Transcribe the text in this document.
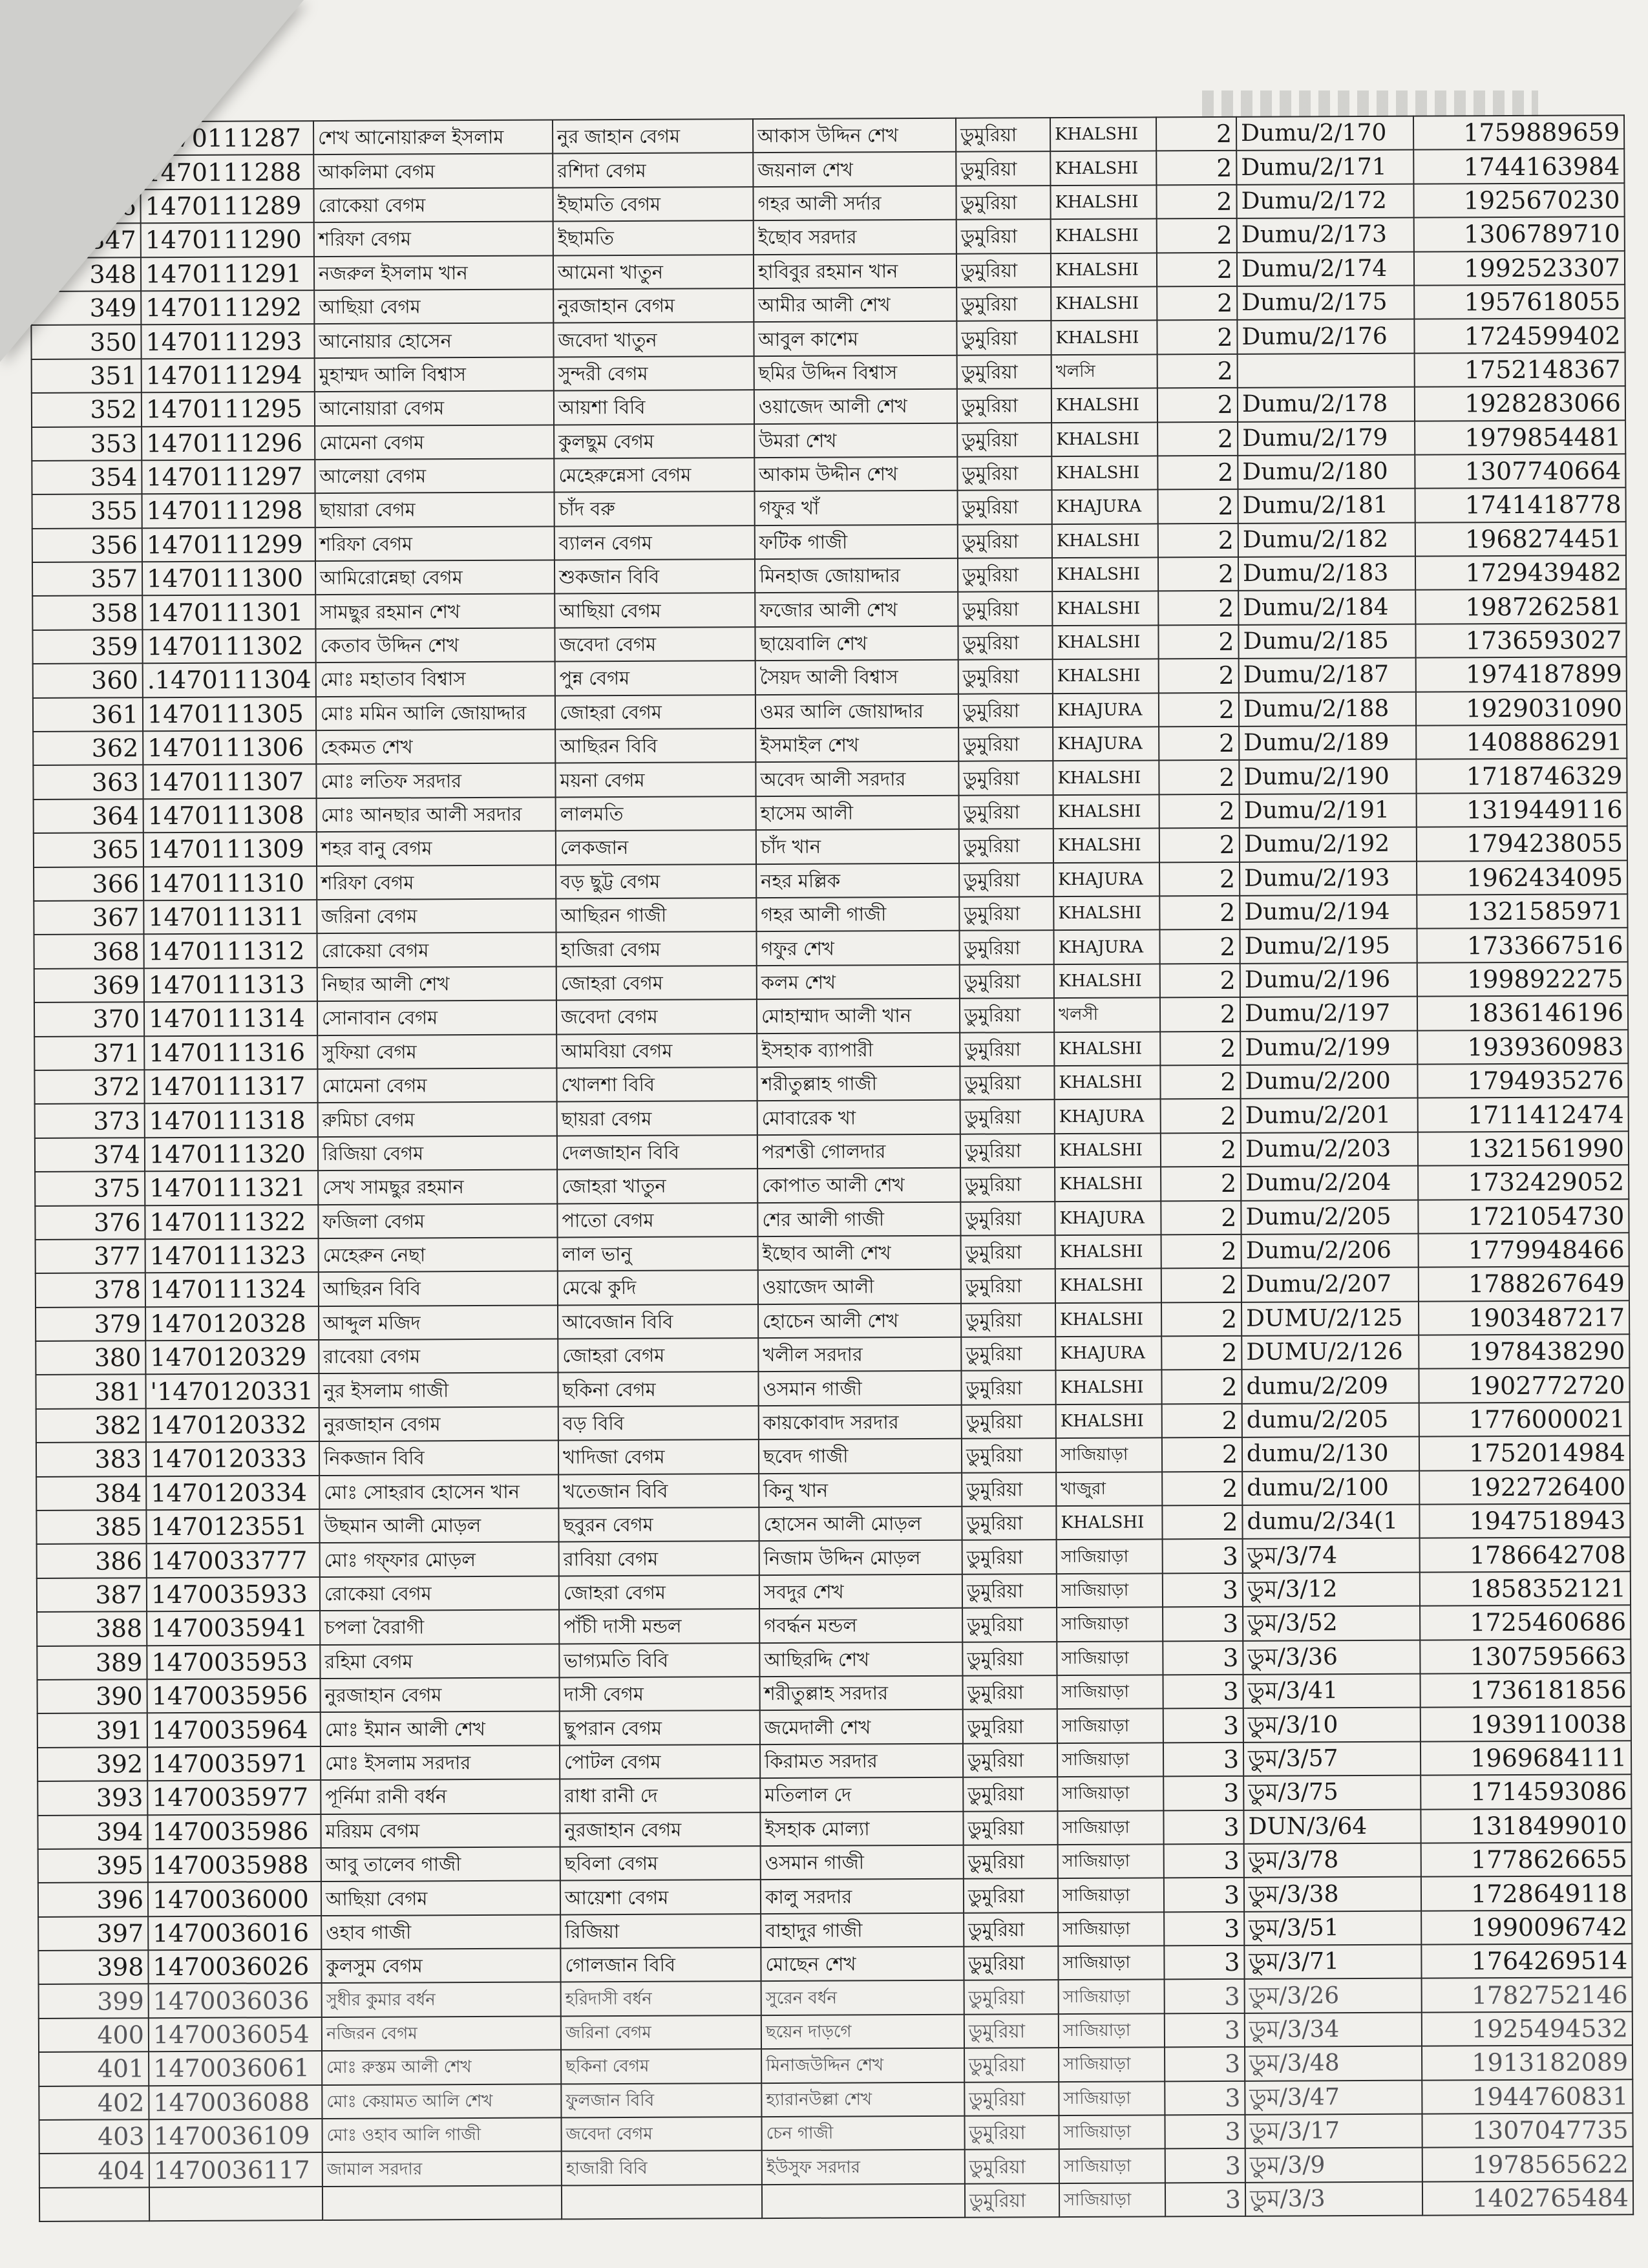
	1470111287	শেখ আনোয়ারুল ইসলাম	নুর জাহান বেগম	আকাস উদ্দিন শেখ	ডুমুরিয়া	KHALSHI	2	Dumu/2/170	1759889659
	1470111288	আকলিমা বেগম	রশিদা বেগম	জয়নাল শেখ	ডুমুরিয়া	KHALSHI	2	Dumu/2/171	1744163984
346	1470111289	রোকেয়া বেগম	ইছামতি বেগম	গহর আলী সর্দার	ডুমুরিয়া	KHALSHI	2	Dumu/2/172	1925670230
347	1470111290	শরিফা বেগম	ইছামতি	ইছোব সরদার	ডুমুরিয়া	KHALSHI	2	Dumu/2/173	1306789710
348	1470111291	নজরুল ইসলাম খান	আমেনা খাতুন	হাবিবুর রহমান খান	ডুমুরিয়া	KHALSHI	2	Dumu/2/174	1992523307
349	1470111292	আছিয়া বেগম	নুরজাহান বেগম	আমীর আলী শেখ	ডুমুরিয়া	KHALSHI	2	Dumu/2/175	1957618055
350	1470111293	আনোয়ার হোসেন	জবেদা খাতুন	আবুল কাশেম	ডুমুরিয়া	KHALSHI	2	Dumu/2/176	1724599402
351	1470111294	মুহাম্মদ আলি বিশ্বাস	সুন্দরী বেগম	ছমির উদ্দিন বিশ্বাস	ডুমুরিয়া	খলসি	2		1752148367
352	1470111295	আনোয়ারা বেগম	আয়শা বিবি	ওয়াজেদ আলী শেখ	ডুমুরিয়া	KHALSHI	2	Dumu/2/178	1928283066
353	1470111296	মোমেনা বেগম	কুলছুম বেগম	উমরা শেখ	ডুমুরিয়া	KHALSHI	2	Dumu/2/179	1979854481
354	1470111297	আলেয়া বেগম	মেহেরুন্নেসা বেগম	আকাম উদ্দীন শেখ	ডুমুরিয়া	KHALSHI	2	Dumu/2/180	1307740664
355	1470111298	ছায়ারা বেগম	চাঁদ বরু	গফুর খাঁ	ডুমুরিয়া	KHAJURA	2	Dumu/2/181	1741418778
356	1470111299	শরিফা বেগম	ব্যালন বেগম	ফটিক গাজী	ডুমুরিয়া	KHALSHI	2	Dumu/2/182	1968274451
357	1470111300	আমিরোন্নেছা বেগম	শুকজান বিবি	মিনহাজ জোয়াদ্দার	ডুমুরিয়া	KHALSHI	2	Dumu/2/183	1729439482
358	1470111301	সামছুর রহমান শেখ	আছিয়া বেগম	ফজোর আলী শেখ	ডুমুরিয়া	KHALSHI	2	Dumu/2/184	1987262581
359	1470111302	কেতাব উদ্দিন শেখ	জবেদা বেগম	ছায়েবালি শেখ	ডুমুরিয়া	KHALSHI	2	Dumu/2/185	1736593027
360	.1470111304	মোঃ মহাতাব বিশ্বাস	পুন্ন বেগম	সৈয়দ আলী বিশ্বাস	ডুমুরিয়া	KHALSHI	2	Dumu/2/187	1974187899
361	1470111305	মোঃ মমিন আলি জোয়াদ্দার	জোহরা বেগম	ওমর আলি জোয়াদ্দার	ডুমুরিয়া	KHAJURA	2	Dumu/2/188	1929031090
362	1470111306	হেকমত শেখ	আছিরন বিবি	ইসমাইল শেখ	ডুমুরিয়া	KHAJURA	2	Dumu/2/189	1408886291
363	1470111307	মোঃ লতিফ সরদার	ময়না বেগম	অবেদ আলী সরদার	ডুমুরিয়া	KHALSHI	2	Dumu/2/190	1718746329
364	1470111308	মোঃ আনছার আলী সরদার	লালমতি	হাসেম আলী	ডুমুরিয়া	KHALSHI	2	Dumu/2/191	1319449116
365	1470111309	শহর বানু বেগম	লেকজান	চাঁদ খান	ডুমুরিয়া	KHALSHI	2	Dumu/2/192	1794238055
366	1470111310	শরিফা বেগম	বড় ছুট্ট বেগম	নহর মল্লিক	ডুমুরিয়া	KHAJURA	2	Dumu/2/193	1962434095
367	1470111311	জরিনা বেগম	আছিরন গাজী	গহর আলী গাজী	ডুমুরিয়া	KHALSHI	2	Dumu/2/194	1321585971
368	1470111312	রোকেয়া বেগম	হাজিরা বেগম	গফুর শেখ	ডুমুরিয়া	KHAJURA	2	Dumu/2/195	1733667516
369	1470111313	নিছার আলী শেখ	জোহরা বেগম	কলম শেখ	ডুমুরিয়া	KHALSHI	2	Dumu/2/196	1998922275
370	1470111314	সোনাবান বেগম	জবেদা বেগম	মোহাম্মাদ আলী খান	ডুমুরিয়া	খলসী	2	Dumu/2/197	1836146196
371	1470111316	সুফিয়া বেগম	আমবিয়া বেগম	ইসহাক ব্যাপারী	ডুমুরিয়া	KHALSHI	2	Dumu/2/199	1939360983
372	1470111317	মোমেনা বেগম	খোলশা বিবি	শরীতুল্লাহ গাজী	ডুমুরিয়া	KHALSHI	2	Dumu/2/200	1794935276
373	1470111318	রুমিচা বেগম	ছায়রা বেগম	মোবারেক খা	ডুমুরিয়া	KHAJURA	2	Dumu/2/201	1711412474
374	1470111320	রিজিয়া বেগম	দেলজাহান বিবি	পরশত্তী গোলদার	ডুমুরিয়া	KHALSHI	2	Dumu/2/203	1321561990
375	1470111321	সেখ সামছুর রহমান	জোহরা খাতুন	কোপাত আলী শেখ	ডুমুরিয়া	KHALSHI	2	Dumu/2/204	1732429052
376	1470111322	ফজিলা বেগম	পাতো বেগম	শের আলী গাজী	ডুমুরিয়া	KHAJURA	2	Dumu/2/205	1721054730
377	1470111323	মেহেরুন নেছা	লাল ভানু	ইছোব আলী শেখ	ডুমুরিয়া	KHALSHI	2	Dumu/2/206	1779948466
378	1470111324	আছিরন বিবি	মেঝে কুদি	ওয়াজেদ আলী	ডুমুরিয়া	KHALSHI	2	Dumu/2/207	1788267649
379	1470120328	আব্দুল মজিদ	আবেজান বিবি	হোচেন আলী শেখ	ডুমুরিয়া	KHALSHI	2	DUMU/2/125	1903487217
380	1470120329	রাবেয়া বেগম	জোহরা বেগম	খলীল সরদার	ডুমুরিয়া	KHAJURA	2	DUMU/2/126	1978438290
381	'1470120331	নুর ইসলাম গাজী	ছকিনা বেগম	ওসমান গাজী	ডুমুরিয়া	KHALSHI	2	dumu/2/209	1902772720
382	1470120332	নুরজাহান বেগম	বড় বিবি	কায়কোবাদ সরদার	ডুমুরিয়া	KHALSHI	2	dumu/2/205	1776000021
383	1470120333	নিকজান বিবি	খাদিজা বেগম	ছবেদ গাজী	ডুমুরিয়া	সাজিয়াড়া	2	dumu/2/130	1752014984
384	1470120334	মোঃ সোহরাব হোসেন খান	খতেজান বিবি	কিনু খান	ডুমুরিয়া	খাজুরা	2	dumu/2/100	1922726400
385	1470123551	উছমান আলী মোড়ল	ছবুরন বেগম	হোসেন আলী মোড়ল	ডুমুরিয়া	KHALSHI	2	dumu/2/34(1	1947518943
386	1470033777	মোঃ গফ্ফার মোড়ল	রাবিয়া বেগম	নিজাম উদ্দিন মোড়ল	ডুমুরিয়া	সাজিয়াড়া	3	ডুম/3/74	1786642708
387	1470035933	রোকেয়া বেগম	জোহরা বেগম	সবদুর শেখ	ডুমুরিয়া	সাজিয়াড়া	3	ডুম/3/12	1858352121
388	1470035941	চপলা বৈরাগী	পাঁচী দাসী মন্ডল	গবর্দ্ধন মন্ডল	ডুমুরিয়া	সাজিয়াড়া	3	ডুম/3/52	1725460686
389	1470035953	রহিমা বেগম	ভাগ্যমতি বিবি	আছিরদ্দি শেখ	ডুমুরিয়া	সাজিয়াড়া	3	ডুম/3/36	1307595663
390	1470035956	নুরজাহান বেগম	দাসী বেগম	শরীতুল্লাহ সরদার	ডুমুরিয়া	সাজিয়াড়া	3	ডুম/3/41	1736181856
391	1470035964	মোঃ ইমান আলী শেখ	ছুপরান বেগম	জমেদালী শেখ	ডুমুরিয়া	সাজিয়াড়া	3	ডুম/3/10	1939110038
392	1470035971	মোঃ ইসলাম সরদার	পোটল বেগম	কিরামত সরদার	ডুমুরিয়া	সাজিয়াড়া	3	ডুম/3/57	1969684111
393	1470035977	পূর্নিমা রানী বর্ধন	রাধা রানী দে	মতিলাল দে	ডুমুরিয়া	সাজিয়াড়া	3	ডুম/3/75	1714593086
394	1470035986	মরিয়ম বেগম	নুরজাহান বেগম	ইসহাক মোল্যা	ডুমুরিয়া	সাজিয়াড়া	3	DUN/3/64	1318499010
395	1470035988	আবু তালেব গাজী	ছবিলা বেগম	ওসমান গাজী	ডুমুরিয়া	সাজিয়াড়া	3	ডুম/3/78	1778626655
396	1470036000	আছিয়া বেগম	আয়েশা বেগম	কালু সরদার	ডুমুরিয়া	সাজিয়াড়া	3	ডুম/3/38	1728649118
397	1470036016	ওহাব গাজী	রিজিয়া	বাহাদুর গাজী	ডুমুরিয়া	সাজিয়াড়া	3	ডুম/3/51	1990096742
398	1470036026	কুলসুম বেগম	গোলজান বিবি	মোছেন শেখ	ডুমুরিয়া	সাজিয়াড়া	3	ডুম/3/71	1764269514
399	1470036036	সুধীর কুমার বর্ধন	হরিদাসী বর্ধন	সুরেন বর্ধন	ডুমুরিয়া	সাজিয়াড়া	3	ডুম/3/26	1782752146
400	1470036054	নজিরন বেগম	জরিনা বেগম	ছয়েন দাড়গে	ডুমুরিয়া	সাজিয়াড়া	3	ডুম/3/34	1925494532
401	1470036061	মোঃ রুস্তম আলী শেখ	ছকিনা বেগম	মিনাজউদ্দিন শেখ	ডুমুরিয়া	সাজিয়াড়া	3	ডুম/3/48	1913182089
402	1470036088	মোঃ কেয়ামত আলি শেখ	ফুলজান বিবি	হ্যারানউল্লা শেখ	ডুমুরিয়া	সাজিয়াড়া	3	ডুম/3/47	1944760831
403	1470036109	মোঃ ওহাব আলি গাজী	জবেদা বেগম	চেন গাজী	ডুমুরিয়া	সাজিয়াড়া	3	ডুম/3/17	1307047735
404	1470036117	জামাল সরদার	হাজারী বিবি	ইউসুফ সরদার	ডুমুরিয়া	সাজিয়াড়া	3	ডুম/3/9	1978565622
					ডুমুরিয়া	সাজিয়াড়া	3	ডুম/3/3	1402765484
